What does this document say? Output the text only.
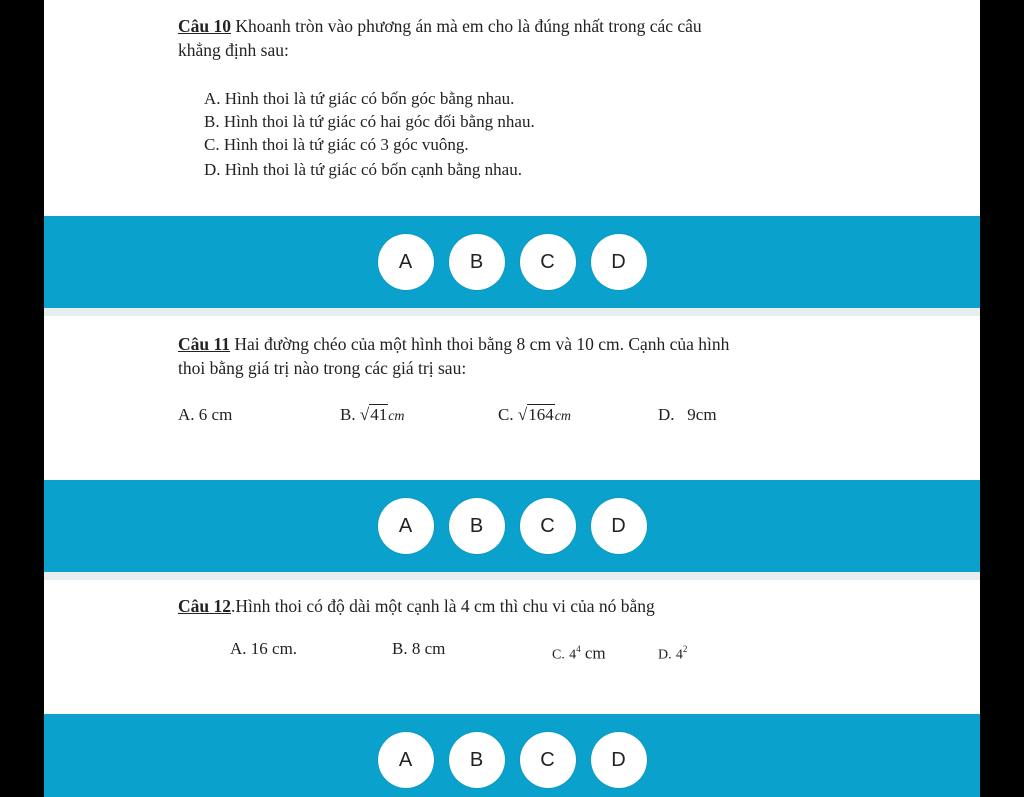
Câu 10 Khoanh tròn vào phương án mà em cho là đúng nhất trong các câu
khẳng định sau:
A. Hình thoi là tứ giác có bốn góc bằng nhau.
B. Hình thoi là tứ giác có hai góc đối bằng nhau.
C. Hình thoi là tứ giác có 3 góc vuông.
D. Hình thoi là tứ giác có bốn cạnh bằng nhau.
A	B	C	D
Câu 11 Hai đường chéo của một hình thoi bằng 8 cm và 10 cm. Cạnh của hình
thoi bằng giá trị nào trong các giá trị sau:
A. 6 cm	B. √41cm	C. √164cm	D.   9cm
A	B	C	D
Câu 12.Hình thoi có độ dài một cạnh là 4 cm thì chu vi của nó bằng
A. 16 cm.	B. 8 cm	C. $4^4$ cm	D. $4^2$
A	B	C	D
